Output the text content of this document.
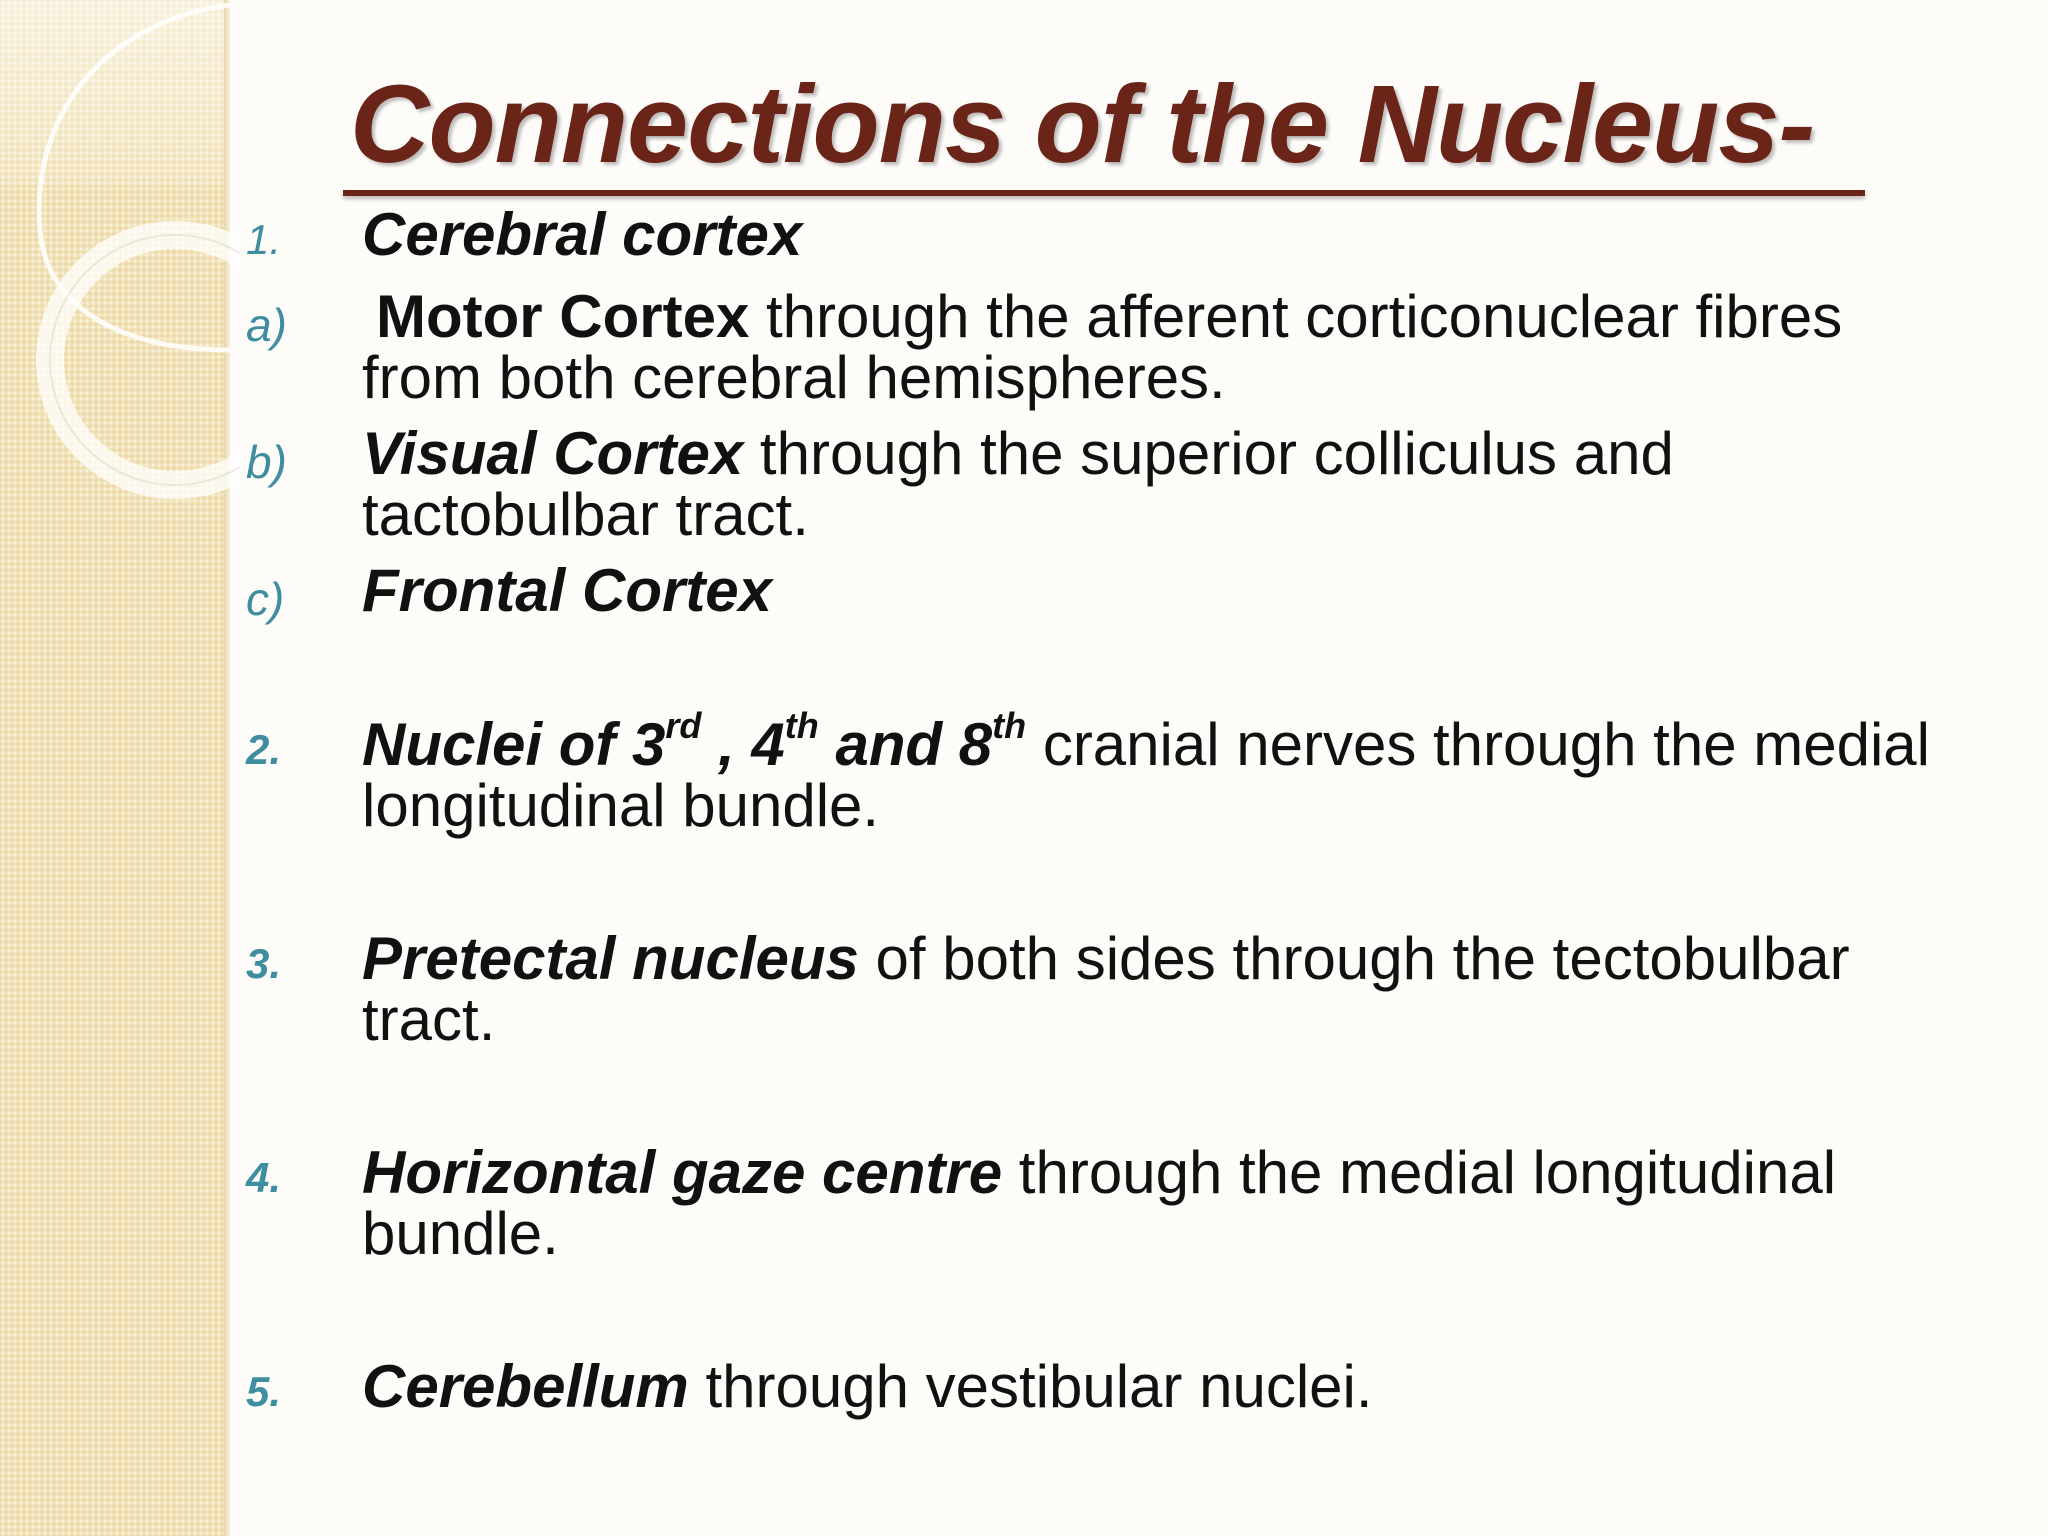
Connections of the Nucleus-
1. Cerebral cortex
a) Motor Cortex through the afferent corticonuclear fibres from both cerebral hemispheres.
b) Visual Cortex through the superior colliculus and tactobulbar tract.
c) Frontal Cortex
2. Nuclei of 3rd , 4th and 8th cranial nerves through the medial longitudinal bundle.
3. Pretectal nucleus of both sides through the tectobulbar tract.
4. Horizontal gaze centre through the medial longitudinal bundle.
5. Cerebellum through vestibular nuclei.
